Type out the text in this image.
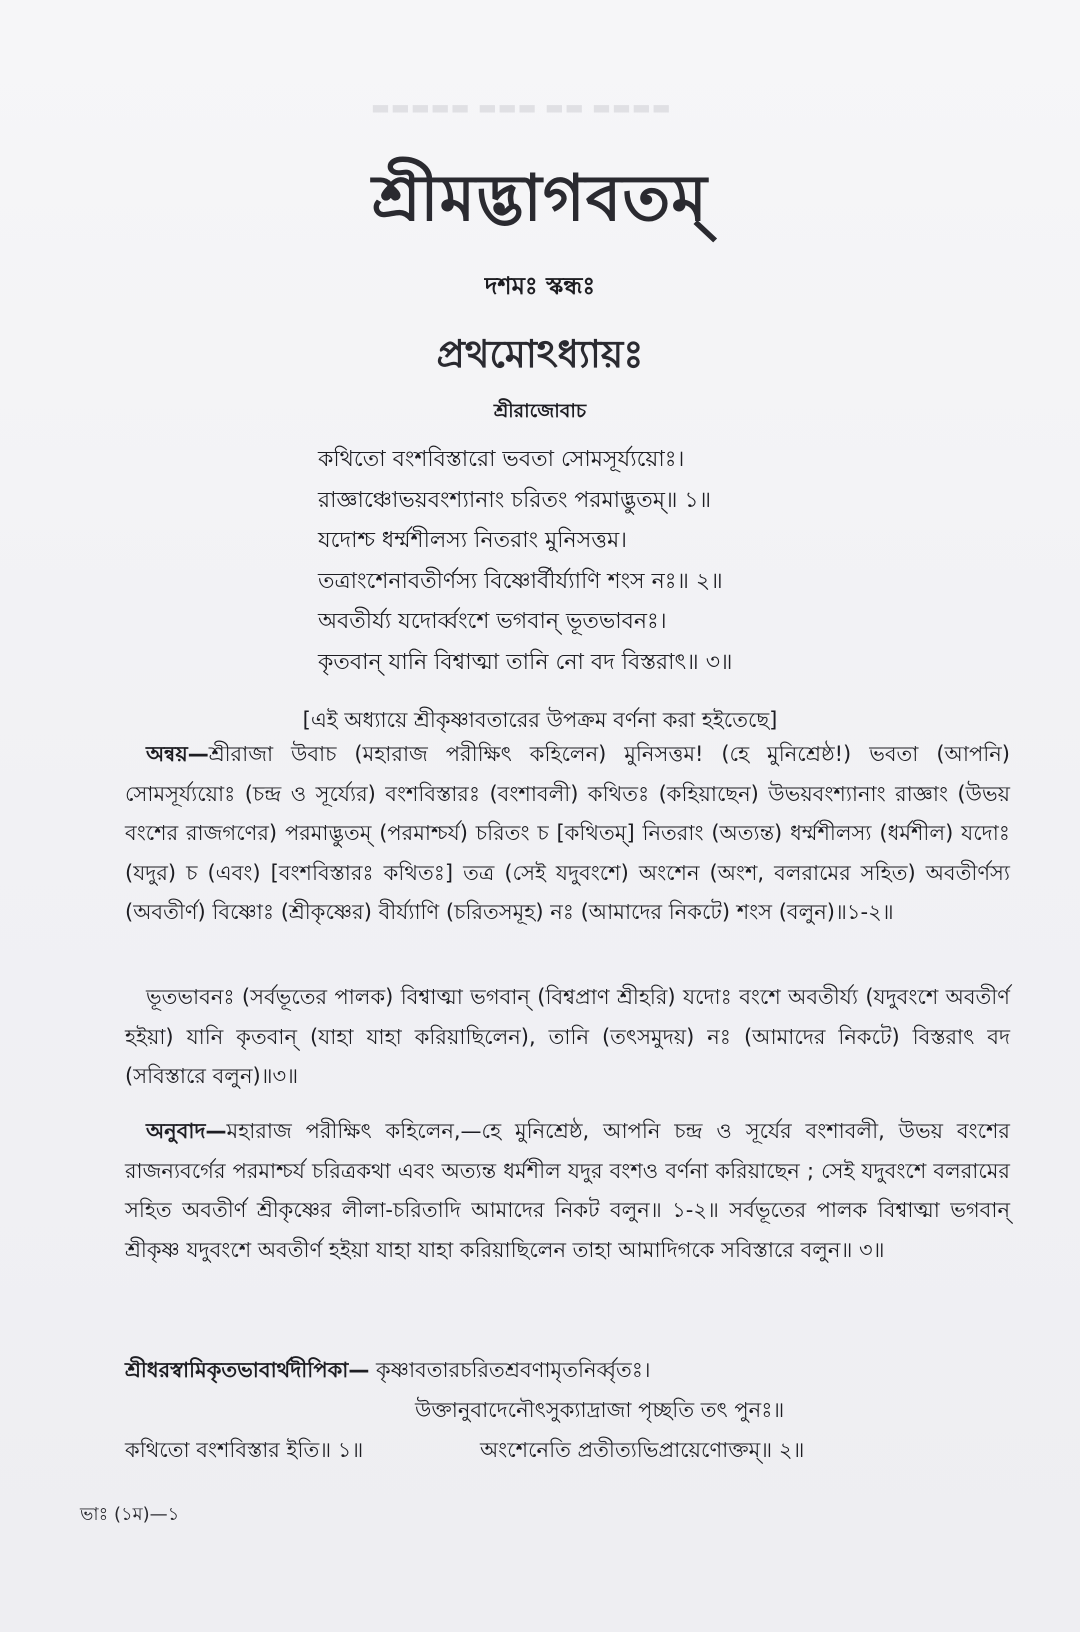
▬▬▬▬ ▬▬ ▬▬▬ ▬▬▬▬▬
শ্রীমদ্ভাগবতম্
দশমঃ স্কন্ধঃ
প্রথমোঽধ্যায়ঃ
শ্রীরাজোবাচ
কথিতো বংশবিস্তারো ভবতা সোমসূর্য্যয়োঃ।
রাজ্ঞাঞ্চোভয়বংশ্যানাং চরিতং পরমাদ্ভুতম্॥ ১॥
যদোশ্চ ধর্ম্মশীলস্য নিতরাং মুনিসত্তম।
তত্রাংশেনাবতীর্ণস্য বিষ্ণোর্বীর্য্যাণি শংস নঃ॥ ২॥
অবতীর্য্য যদোর্ব্বংশে ভগবান্ ভূতভাবনঃ।
কৃতবান্ যানি বিশ্বাত্মা তানি নো বদ বিস্তরাৎ॥ ৩॥
[এই অধ্যায়ে শ্রীকৃষ্ণাবতারের উপক্রম বর্ণনা করা হইতেছে]
 অন্বয়—শ্রীরাজা উবাচ (মহারাজ পরীক্ষিৎ কহিলেন) মুনিসত্তম! (হে মুনিশ্রেষ্ঠ!) ভবতা (আপনি) সোমসূর্য্যয়োঃ (চন্দ্র ও সূর্য্যের) বংশবিস্তারঃ (বংশাবলী) কথিতঃ (কহিয়াছেন) উভয়বংশ্যানাং রাজ্ঞাং (উভয় বংশের রাজগণের) পরমাদ্ভুতম্ (পরমাশ্চর্য) চরিতং চ [কথিতম্] নিতরাং (অত্যন্ত) ধর্ম্মশীলস্য (ধর্মশীল) যদোঃ (যদুর) চ (এবং) [বংশবিস্তারঃ কথিতঃ] তত্র (সেই যদুবংশে) অংশেন (অংশ, বলরামের সহিত) অবতীর্ণস্য (অবতীর্ণ) বিষ্ণোঃ (শ্রীকৃষ্ণের) বীর্য্যাণি (চরিতসমূহ) নঃ (আমাদের নিকটে) শংস (বলুন)॥১-২॥
 ভূতভাবনঃ (সর্বভূতের পালক) বিশ্বাত্মা ভগবান্ (বিশ্বপ্রাণ শ্রীহরি) যদোঃ বংশে অবতীর্য্য (যদুবংশে অবতীর্ণ হইয়া) যানি কৃতবান্ (যাহা যাহা করিয়াছিলেন), তানি (তৎসমুদয়) নঃ (আমাদের নিকটে) বিস্তরাৎ বদ (সবিস্তারে বলুন)॥৩॥
 অনুবাদ—মহারাজ পরীক্ষিৎ কহিলেন,—হে মুনিশ্রেষ্ঠ, আপনি চন্দ্র ও সূর্যের বংশাবলী, উভয় বংশের রাজন্যবর্গের পরমাশ্চর্য চরিত্রকথা এবং অত্যন্ত ধর্মশীল যদুর বংশও বর্ণনা করিয়াছেন ; সেই যদুবংশে বলরামের সহিত অবতীর্ণ শ্রীকৃষ্ণের লীলা-চরিতাদি আমাদের নিকট বলুন॥ ১-২॥ সর্বভূতের পালক বিশ্বাত্মা ভগবান্ শ্রীকৃষ্ণ যদুবংশে অবতীর্ণ হইয়া যাহা যাহা করিয়াছিলেন তাহা আমাদিগকে সবিস্তারে বলুন॥ ৩॥
শ্রীধরস্বামিকৃতভাবার্থদীপিকা— কৃষ্ণাবতারচরিতশ্রবণামৃতনির্ব্বৃতঃ।
উক্তানুবাদেনৌৎসুক্যাদ্রাজা পৃচ্ছতি তৎ পুনঃ॥
কথিতো বংশবিস্তার ইতি॥ ১॥	অংশেনেতি প্রতীত্যভিপ্রায়েণোক্তম্॥ ২॥
ভাঃ (১ম)—১
